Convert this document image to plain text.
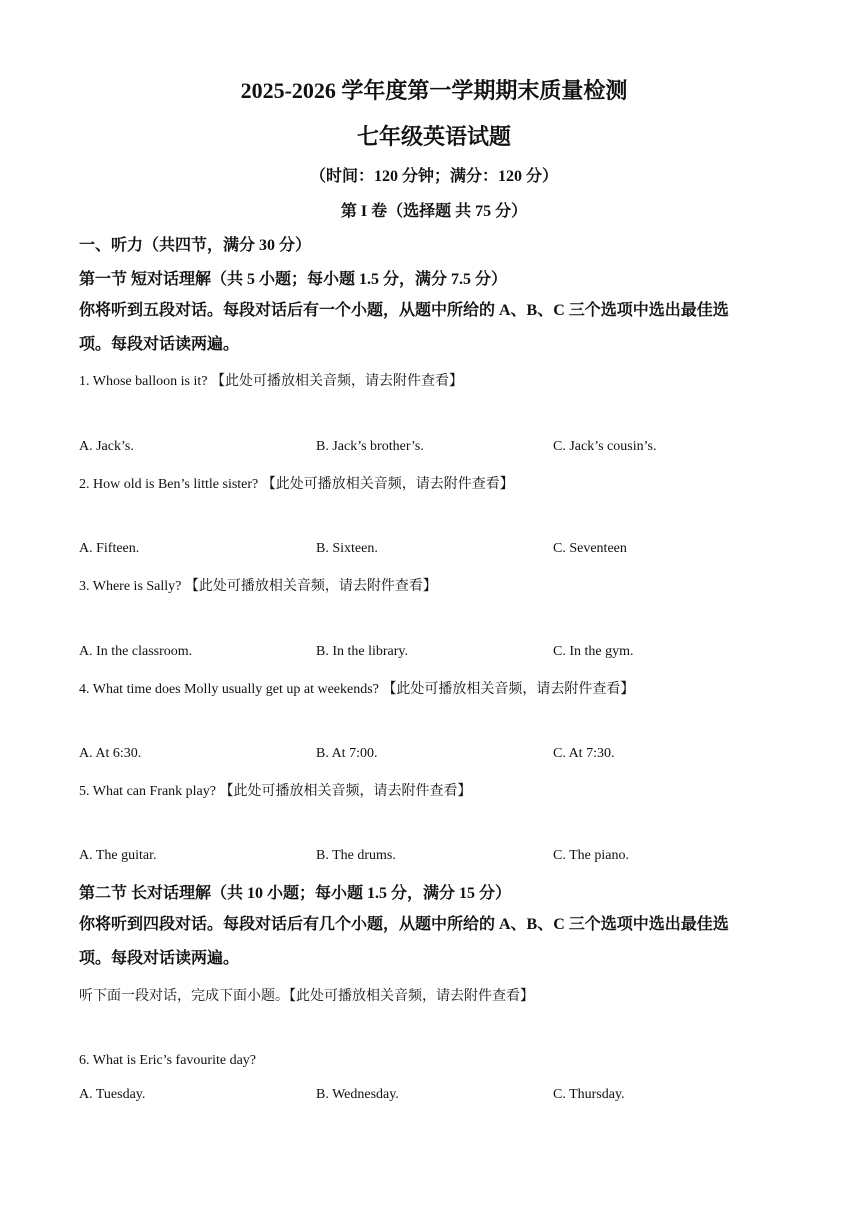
2025-2026 学年度第一学期期末质量检测
七年级英语试题
（时间：120 分钟；满分：120 分）
第 I 卷（选择题 共 75 分）
一、听力（共四节，满分 30 分）
第一节 短对话理解（共 5 小题；每小题 1.5 分，满分 7.5 分）
你将听到五段对话。每段对话后有一个小题，从题中所给的 A、B、C 三个选项中选出最佳选
项。每段对话读两遍。
1. Whose balloon is it? 【此处可播放相关音频，请去附件查看】
A. Jack’s.	B. Jack’s brother’s.	C. Jack’s cousin’s.
2. How old is Ben’s little sister? 【此处可播放相关音频，请去附件查看】
A. Fifteen.	B. Sixteen.	C. Seventeen
3. Where is Sally? 【此处可播放相关音频，请去附件查看】
A. In the classroom.	B. In the library.	C. In the gym.
4. What time does Molly usually get up at weekends? 【此处可播放相关音频，请去附件查看】
A. At 6:30.	B. At 7:00.	C. At 7:30.
5. What can Frank play? 【此处可播放相关音频，请去附件查看】
A. The guitar.	B. The drums.	C. The piano.
第二节 长对话理解（共 10 小题；每小题 1.5 分，满分 15 分）
你将听到四段对话。每段对话后有几个小题，从题中所给的 A、B、C 三个选项中选出最佳选
项。每段对话读两遍。
听下面一段对话，完成下面小题。【此处可播放相关音频，请去附件查看】
6. What is Eric’s favourite day?
A. Tuesday.	B. Wednesday.	C. Thursday.
